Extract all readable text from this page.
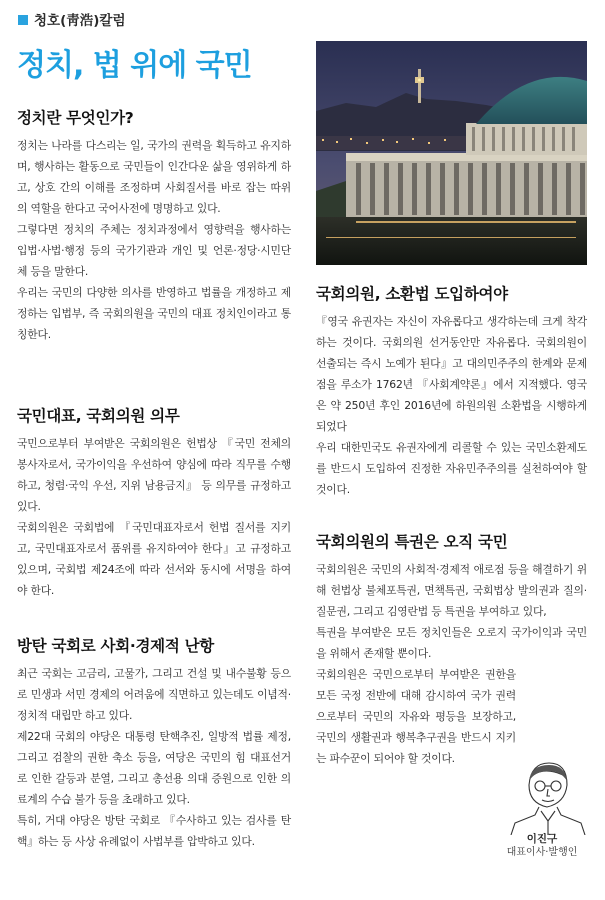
청호(靑浩)칼럼
정치, 법 위에 국민
정치란 무엇인가?

정치는 나라를 다스리는 일, 국가의 권력을 획득하고 유지하며, 행사하는 활동으로 국민들이 인간다운 삶을 영위하게 하고, 상호 간의 이해를 조정하며 사회질서를 바로 잡는 따위의 역할을 한다고 국어사전에 명명하고 있다.

그렇다면 정치의 주체는 정치과정에서 영향력을 행사하는 입법·사법·행정 등의 국가기관과 개인 및 언론·정당·시민단체 등을 말한다.

우리는 국민의 다양한 의사를 반영하고 법률을 개정하고 제정하는 입법부, 즉 국회의원을 국민의 대표 정치인이라고 통칭한다.

국민대표, 국회의원 의무

국민으로부터 부여받은 국회의원은 헌법상 『국민 전체의 봉사자로서, 국가이익을 우선하여 양심에 따라 직무를 수행하고, 청렴·국익 우선, 지위 남용금지』 등 의무를 규정하고 있다.

국회의원은 국회법에 『국민대표자로서 헌법 질서를 지키고, 국민대표자로서 품위를 유지하여야 한다』고 규정하고 있으며, 국회법 제24조에 따라 선서와 동시에 서명을 하여야 한다.

방탄 국회로 사회·경제적 난항

최근 국회는 고금리, 고물가, 그리고 건설 및 내수불황 등으로 민생과 서민 경제의 어려움에 직면하고 있는데도 이념적·정치적 대립만 하고 있다.

제22대 국회의 야당은 대통령 탄핵추진, 일방적 법률 제정, 그리고 검찰의 권한 축소 등을, 여당은 국민의 힘 대표선거로 인한 갈등과 분열, 그리고 총선용 의대 증원으로 인한 의료계의 수습 불가 등을 초래하고 있다.

특히, 거대 야당은 방탄 국회로 『수사하고 있는 검사를 탄핵』하는 등 사상 유례없이 사법부를 압박하고 있다.

국회의원, 소환법 도입하여야

『영국 유권자는 자신이 자유롭다고 생각하는데 크게 착각하는 것이다. 국회의원 선거동안만 자유롭다. 국회의원이 선출되는 즉시 노예가 된다』고 대의민주주의 한계와 문제점을 루소가 1762년 『사회계약론』에서 지적했다. 영국은 약 250년 후인 2016년에 하원의원 소환법을 시행하게 되었다

우리 대한민국도 유권자에게 리콜할 수 있는 국민소환제도를 반드시 도입하여 진정한 자유민주주의를 실천하여야 할 것이다.

국회의원의 특권은 오직 국민

국회의원은 국민의 사회적·경제적 애로점 등을 해결하기 위해 헌법상 불체포특권, 면책특권, 국회법상 발의권과 질의·질문권, 그리고 김영란법 등 특권을 부여하고 있다,

특권을 부여받은 모든 정치인들은 오로지 국가이익과 국민을 위해서 존재할 뿐이다.

국회의원은 국민으로부터 부여받은 권한을 모든 국정 전반에 대해 감시하여 국가 권력으로부터 국민의 자유와 평등을 보장하고, 국민의 생활권과 행복추구권을 반드시 지키는 파수꾼이 되어야 할 것이다.

이진구
대표이사·발행인
